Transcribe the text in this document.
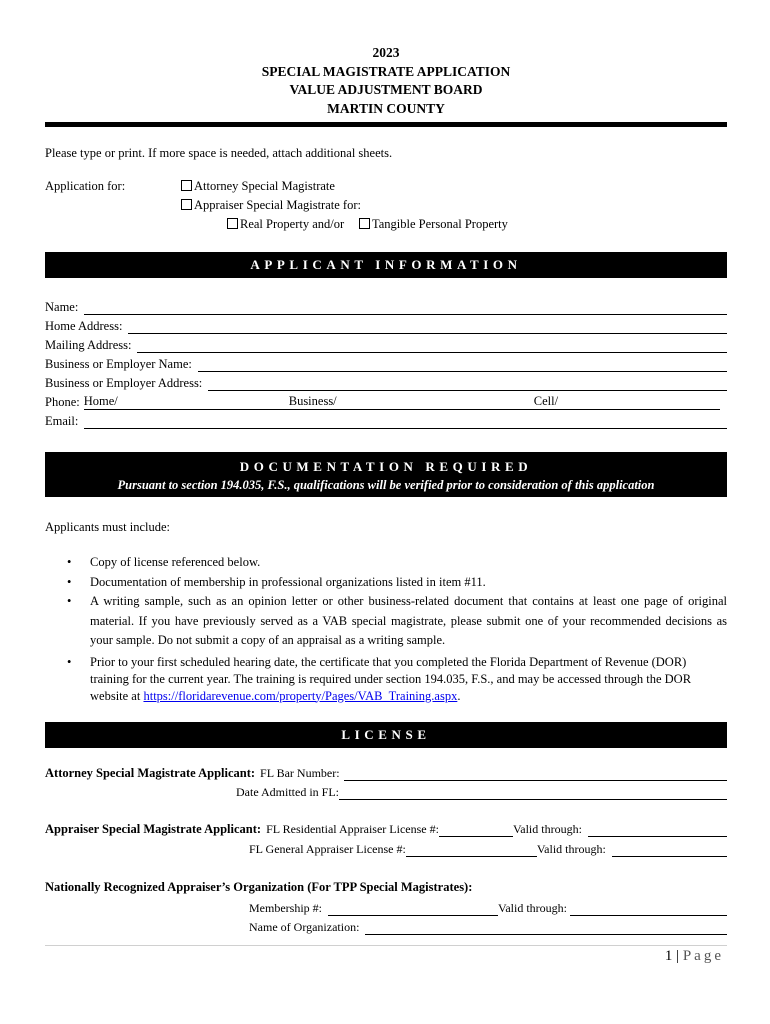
2023
SPECIAL MAGISTRATE APPLICATION
VALUE ADJUSTMENT BOARD
MARTIN COUNTY
Please type or print. If more space is needed, attach additional sheets.
Application for:	Attorney Special Magistrate
Appraiser Special Magistrate for:
Real Property and/or	Tangible Personal Property
APPLICANT INFORMATION
Name:
Home Address:
Mailing Address:
Business or Employer Name:
Business or Employer Address:
Phone: Home/	Business/	Cell/
Email:
DOCUMENTATION REQUIRED
Pursuant to section 194.035, F.S., qualifications will be verified prior to consideration of this application
Applicants must include:
• Copy of license referenced below.
• Documentation of membership in professional organizations listed in item #11.
• A writing sample, such as an opinion letter or other business-related document that contains at least one page of original material. If you have previously served as a VAB special magistrate, please submit one of your recommended decisions as your sample. Do not submit a copy of an appraisal as a writing sample.
• Prior to your first scheduled hearing date, the certificate that you completed the Florida Department of Revenue (DOR) training for the current year. The training is required under section 194.035, F.S., and may be accessed through the DOR website at https://floridarevenue.com/property/Pages/VAB_Training.aspx.
LICENSE
Attorney Special Magistrate Applicant: FL Bar Number:
Date Admitted in FL:
Appraiser Special Magistrate Applicant: FL Residential Appraiser License #:	Valid through:
FL General Appraiser License #:	Valid through:
Nationally Recognized Appraiser’s Organization (For TPP Special Magistrates):
Membership #:	Valid through:
Name of Organization:
1 | Page
